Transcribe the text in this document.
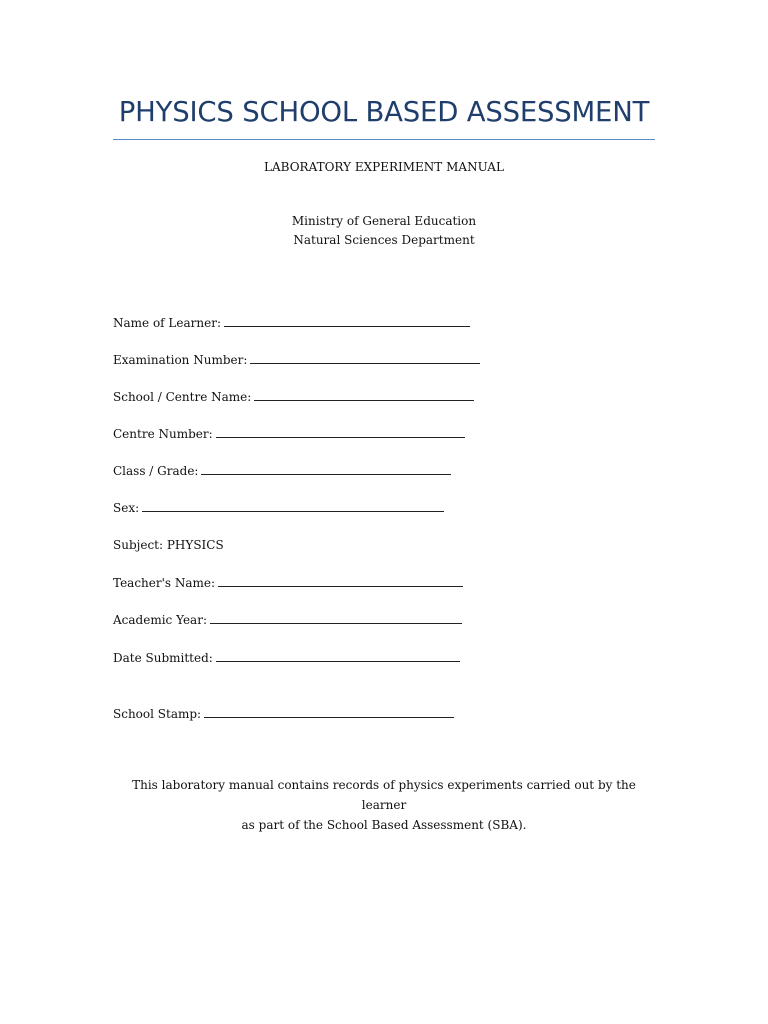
PHYSICS SCHOOL BASED ASSESSMENT
LABORATORY EXPERIMENT MANUAL
Ministry of General Education
Natural Sciences Department
Name of Learner:
Examination Number:
School / Centre Name:
Centre Number:
Class / Grade:
Sex:
Subject: PHYSICS
Teacher's Name:
Academic Year:
Date Submitted:
School Stamp:
This laboratory manual contains records of physics experiments carried out by the learner
as part of the School Based Assessment (SBA).
